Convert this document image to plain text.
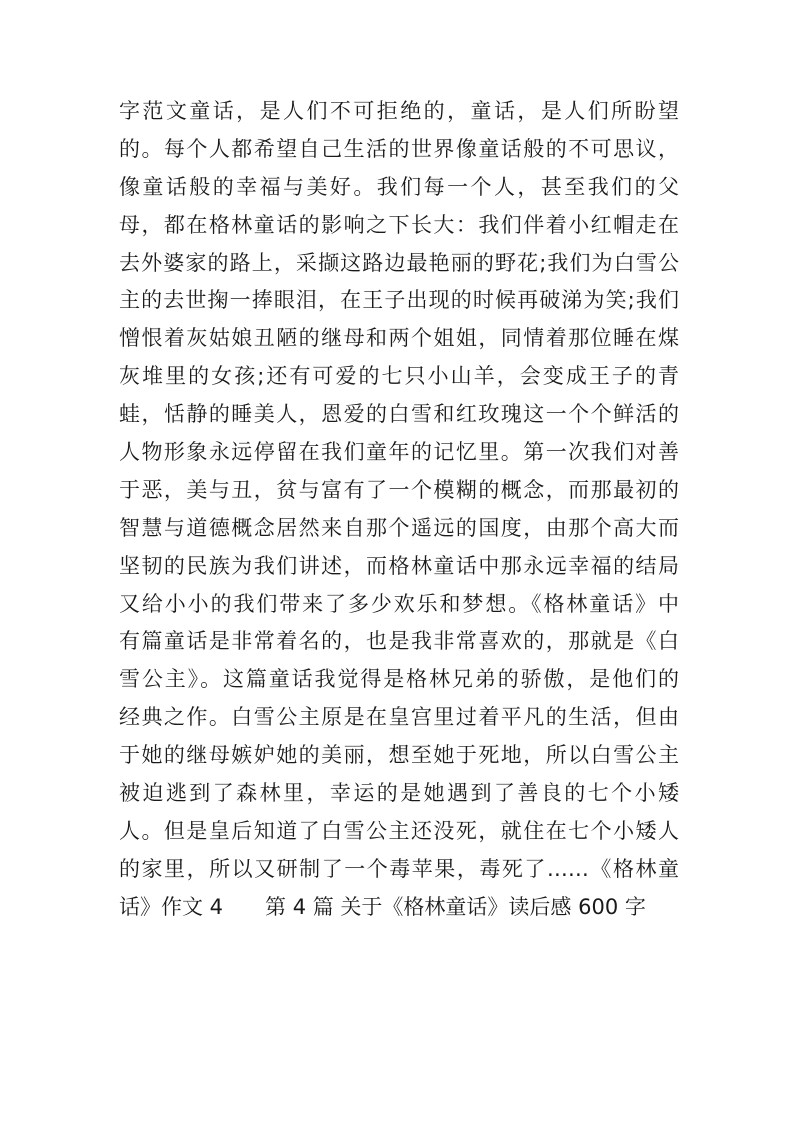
字范文童话，是人们不可拒绝的，童话，是人们所盼望
的。每个人都希望自己生活的世界像童话般的不可思议，
像童话般的幸福与美好。我们每一个人，甚至我们的父
母，都在格林童话的影响之下长大：我们伴着小红帽走在
去外婆家的路上，采撷这路边最艳丽的野花;我们为白雪公
主的去世掬一捧眼泪，在王子出现的时候再破涕为笑;我们
憎恨着灰姑娘丑陋的继母和两个姐姐，同情着那位睡在煤
灰堆里的女孩;还有可爱的七只小山羊，会变成王子的青
蛙，恬静的睡美人，恩爱的白雪和红玫瑰这一个个鲜活的
人物形象永远停留在我们童年的记忆里。第一次我们对善
于恶，美与丑，贫与富有了一个模糊的概念，而那最初的
智慧与道德概念居然来自那个遥远的国度，由那个高大而
坚韧的民族为我们讲述，而格林童话中那永远幸福的结局
又给小小的我们带来了多少欢乐和梦想。《格林童话》中
有篇童话是非常着名的，也是我非常喜欢的，那就是《白
雪公主》。这篇童话我觉得是格林兄弟的骄傲，是他们的
经典之作。白雪公主原是在皇宫里过着平凡的生活，但由
于她的继母嫉妒她的美丽，想至她于死地，所以白雪公主
被迫逃到了森林里，幸运的是她遇到了善良的七个小矮
人。但是皇后知道了白雪公主还没死，就住在七个小矮人
的家里，所以又研制了一个毒苹果，毒死了……《格林童
话》作文 4　　第 4 篇 关于《格林童话》读后感 600 字
